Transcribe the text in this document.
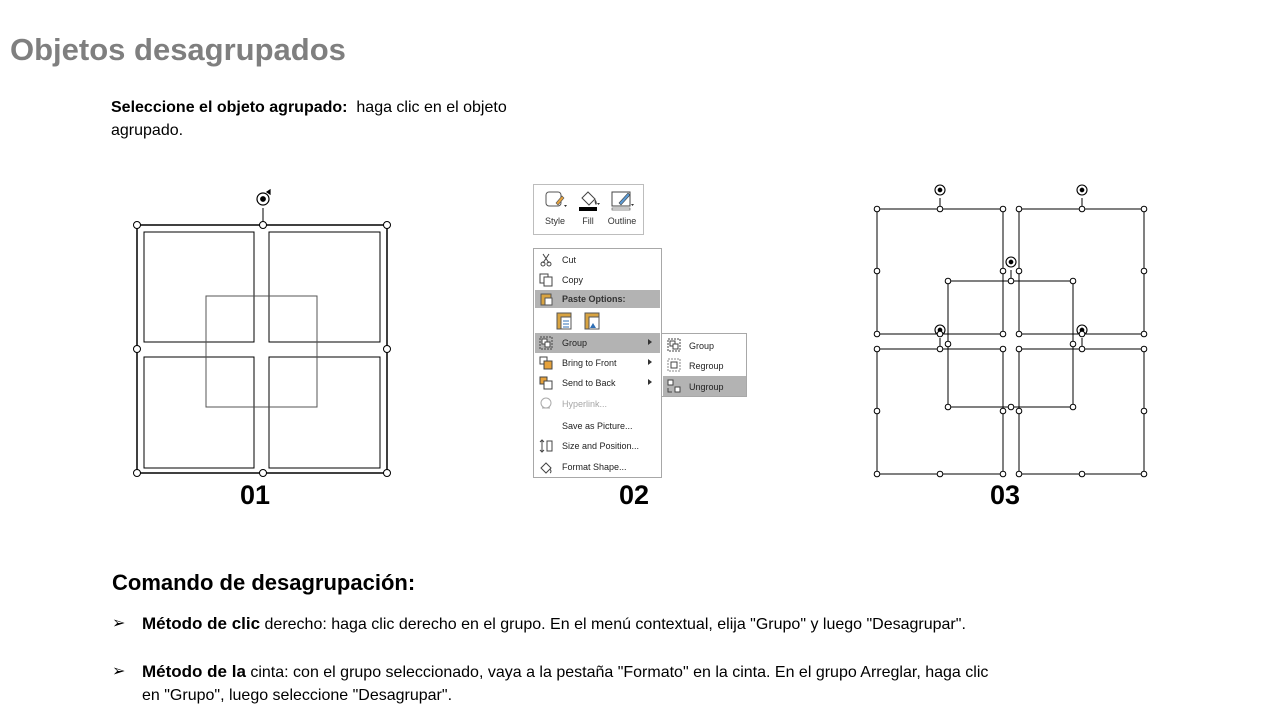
Objetos desagrupados
Seleccione el objeto agrupado: haga clic en el objeto agrupado.
01
Style	Fill	Outline
Cut
Copy
Paste Options:
Group
Bring to Front
Send to Back
Hyperlink...
Save as Picture...
Size and Position...
Format Shape...
Group
Regroup
Ungroup
02	03
Comando de desagrupación:
➢ Método de clic derecho: haga clic derecho en el grupo. En el menú contextual, elija "Grupo" y luego "Desagrupar".
➢ Método de la cinta: con el grupo seleccionado, vaya a la pestaña "Formato" en la cinta. En el grupo Arreglar, haga clic en "Grupo", luego seleccione "Desagrupar".
